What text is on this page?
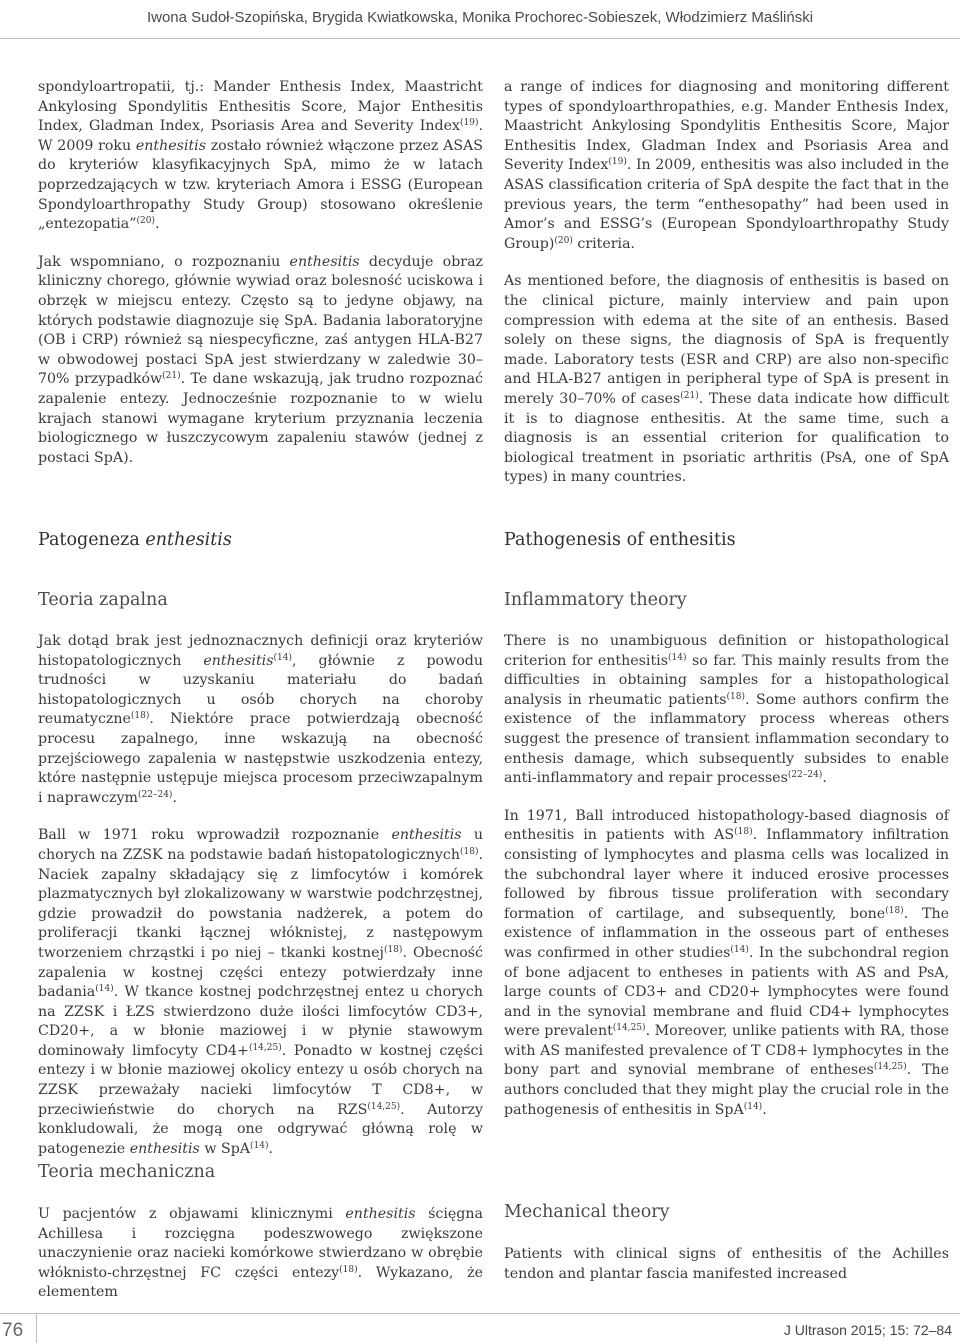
Iwona Sudoł-Szopińska, Brygida Kwiatkowska, Monika Prochorec-Sobieszek, Włodzimierz Maśliński

spondyloartropatii, tj.: Mander Enthesis Index, Maastricht Ankylosing Spondylitis Enthesitis Score, Major Enthesitis Index, Gladman Index, Psoriasis Area and Severity Index$^{(19)}$. W 2009 roku enthesitis zostało również włączone przez ASAS do kryteriów klasyfikacyjnych SpA, mimo że w latach poprzedzających w tzw. kryteriach Amora i ESSG (European Spondyloarthropathy Study Group) stosowano określenie „entezopatia”$^{(20)}$.

Jak wspomniano, o rozpoznaniu enthesitis decyduje obraz kliniczny chorego, głównie wywiad oraz bolesność uciskowa i obrzęk w miejscu entezy. Często są to jedyne objawy, na których podstawie diagnozuje się SpA. Badania laboratoryjne (OB i CRP) również są niespecyficzne, zaś antygen HLA-B27 w obwodowej postaci SpA jest stwierdzany w zaledwie 30–70% przypadków$^{(21)}$. Te dane wskazują, jak trudno rozpoznać zapalenie entezy. Jednocześnie rozpoznanie to w wielu krajach stanowi wymagane kryterium przyznania leczenia biologicznego w łuszczycowym zapaleniu stawów (jednej z postaci SpA).

Patogeneza enthesitis
Teoria zapalna

Jak dotąd brak jest jednoznacznych definicji oraz kryteriów histopatologicznych enthesitis$^{(14)}$, głównie z powodu trudności w uzyskaniu materiału do badań histopatologicznych u osób chorych na choroby reumatyczne$^{(18)}$. Niektóre prace potwierdzają obecność procesu zapalnego, inne wskazują na obecność przejściowego zapalenia w następstwie uszkodzenia entezy, które następnie ustępuje miejsca procesom przeciwzapalnym i naprawczym$^{(22-24)}$.

Ball w 1971 roku wprowadził rozpoznanie enthesitis u chorych na ZZSK na podstawie badań histopatologicznych$^{(18)}$. Naciek zapalny składający się z limfocytów i komórek plazmatycznych był zlokalizowany w warstwie podchrzęstnej, gdzie prowadził do powstania nadżerek, a potem do proliferacji tkanki łącznej włóknistej, z następowym tworzeniem chrząstki i po niej – tkanki kostnej$^{(18)}$. Obecność zapalenia w kostnej części entezy potwierdzały inne badania$^{(14)}$. W tkance kostnej podchrzęstnej entez u chorych na ZZSK i ŁZS stwierdzono duże ilości limfocytów CD3+, CD20+, a w błonie maziowej i w płynie stawowym dominowały limfocyty CD4+$^{(14,25)}$. Ponadto w kostnej części entezy i w błonie maziowej okolicy entezy u osób chorych na ZZSK przeważały nacieki limfocytów T CD8+, w przeciwieństwie do chorych na RZS$^{(14,25)}$. Autorzy konkludowali, że mogą one odgrywać główną rolę w patogenezie enthesitis w SpA$^{(14)}$.

Teoria mechaniczna

U pacjentów z objawami klinicznymi enthesitis ścięgna Achillesa i rozcięgna podeszwowego zwiększone unaczynienie oraz nacieki komórkowe stwierdzano w obrębie włóknisto-chrzęstnej FC części entezy$^{(18)}$. Wykazano, że elementem

a range of indices for diagnosing and monitoring different types of spondyloarthropathies, e.g. Mander Enthesis Index, Maastricht Ankylosing Spondylitis Enthesitis Score, Major Enthesitis Index, Gladman Index and Psoriasis Area and Severity Index$^{(19)}$. In 2009, enthesitis was also included in the ASAS classification criteria of SpA despite the fact that in the previous years, the term “enthesopathy” had been used in Amor’s and ESSG’s (European Spondyloarthropathy Study Group)$^{(20)}$ criteria.

As mentioned before, the diagnosis of enthesitis is based on the clinical picture, mainly interview and pain upon compression with edema at the site of an enthesis. Based solely on these signs, the diagnosis of SpA is frequently made. Laboratory tests (ESR and CRP) are also non-specific and HLA-B27 antigen in peripheral type of SpA is present in merely 30–70% of cases$^{(21)}$. These data indicate how difficult it is to diagnose enthesitis. At the same time, such a diagnosis is an essential criterion for qualification to biological treatment in psoriatic arthritis (PsA, one of SpA types) in many countries.

Pathogenesis of enthesitis
Inflammatory theory

There is no unambiguous definition or histopathological criterion for enthesitis$^{(14)}$ so far. This mainly results from the difficulties in obtaining samples for a histopathological analysis in rheumatic patients$^{(18)}$. Some authors confirm the existence of the inflammatory process whereas others suggest the presence of transient inflammation secondary to enthesis damage, which subsequently subsides to enable anti-inflammatory and repair processes$^{(22-24)}$.

In 1971, Ball introduced histopathology-based diagnosis of enthesitis in patients with AS$^{(18)}$. Inflammatory infiltration consisting of lymphocytes and plasma cells was localized in the subchondral layer where it induced erosive processes followed by fibrous tissue proliferation with secondary formation of cartilage, and subsequently, bone$^{(18)}$. The existence of inflammation in the osseous part of entheses was confirmed in other studies$^{(14)}$. In the subchondral region of bone adjacent to entheses in patients with AS and PsA, large counts of CD3+ and CD20+ lymphocytes were found and in the synovial membrane and fluid CD4+ lymphocytes were prevalent$^{(14,25)}$. Moreover, unlike patients with RA, those with AS manifested prevalence of T CD8+ lymphocytes in the bony part and synovial membrane of entheses$^{(14,25)}$. The authors concluded that they might play the crucial role in the pathogenesis of enthesitis in SpA$^{(14)}$.

Mechanical theory

Patients with clinical signs of enthesitis of the Achilles tendon and plantar fascia manifested increased

76	J Ultrason 2015; 15: 72–84
